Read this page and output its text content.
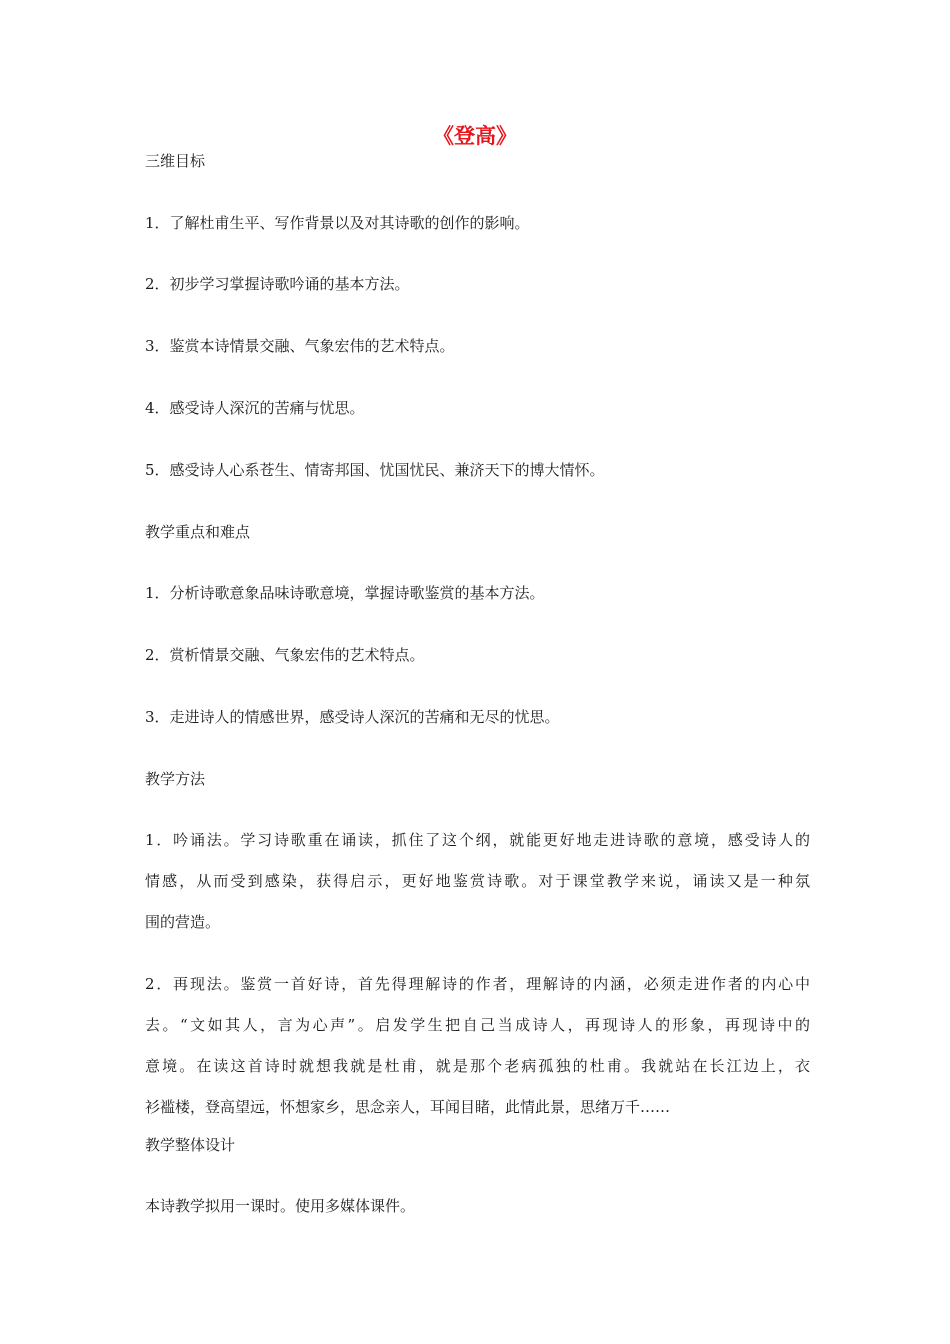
《登高》
三维目标
1．了解杜甫生平、写作背景以及对其诗歌的创作的影响。
2．初步学习掌握诗歌吟诵的基本方法。
3．鉴赏本诗情景交融、气象宏伟的艺术特点。
4．感受诗人深沉的苦痛与忧思。
5．感受诗人心系苍生、情寄邦国、忧国忧民、兼济天下的博大情怀。
教学重点和难点
1．分析诗歌意象品味诗歌意境，掌握诗歌鉴赏的基本方法。
2．赏析情景交融、气象宏伟的艺术特点。
3．走进诗人的情感世界，感受诗人深沉的苦痛和无尽的忧思。
教学方法
1．吟诵法。学习诗歌重在诵读，抓住了这个纲，就能更好地走进诗歌的意境，感受诗人的
情感，从而受到感染，获得启示，更好地鉴赏诗歌。对于课堂教学来说，诵读又是一种氛
围的营造。
2．再现法。鉴赏一首好诗，首先得理解诗的作者，理解诗的内涵，必须走进作者的内心中
去。“文如其人，言为心声”。启发学生把自己当成诗人，再现诗人的形象，再现诗中的
意境。在读这首诗时就想我就是杜甫，就是那个老病孤独的杜甫。我就站在长江边上，衣
衫褴楼，登高望远，怀想家乡，思念亲人，耳闻目睹，此情此景，思绪万千……
教学整体设计
本诗教学拟用一课时。使用多媒体课件。
